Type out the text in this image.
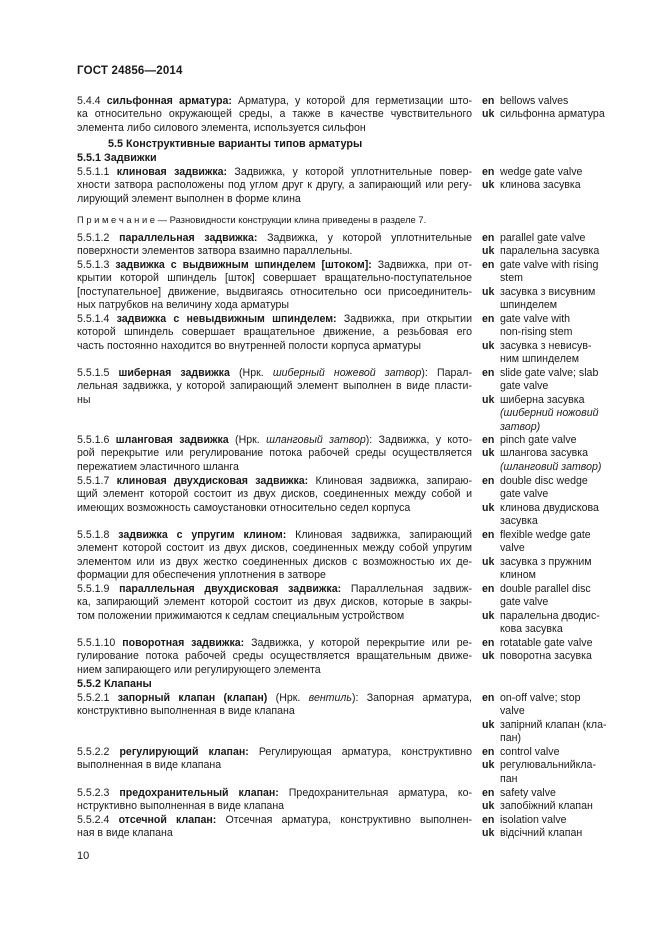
ГОСТ 24856—2014
5.5 Конструктивные варианты типов арматуры
5.5.1 Задвижки
5.5.2 Клапаны
5.4.4 сильфонная арматура: Арматура, у которой для герметизации што-
ка относительно окружающей среды, а также в качестве чувствительного
элемента либо силового элемента, используется сильфон
en bellows valves
uk сильфонна арматура
5.5.1.1 клиновая задвижка: Задвижка, у которой уплотнительные повер-
хности затвора расположены под углом друг к другу, а запирающий или регу-
лирующий элемент выполнен в форме клина
en wedge gate valve
uk клинова засувка
5.5.1.2 параллельная задвижка: Задвижка, у которой уплотнительные
поверхности элементов затвора взаимно параллельны.
en parallel gate valve
uk паралельна засувка
5.5.1.3 задвижка с выдвижным шпинделем [штоком]: Задвижка, при от-
крытии которой шпиндель [шток] совершает вращательно-поступательное
[поступательное] движение, выдвигаясь относительно оси присоединитель-
ных патрубков на величину хода арматуры
en gate valve with rising
stem
uk засувка з висувним
шпинделем
5.5.1.4 задвижка с невыдвижным шпинделем: Задвижка, при открытии
которой шпиндель совершает вращательное движение, а резьбовая его
часть постоянно находится во внутренней полости корпуса арматуры
en gate valve with
non-rising stem
uk засувка з невисув-
ним шпинделем
5.5.1.5 шиберная задвижка (Нрк. шиберный ножевой затвор): Парал-
лельная задвижка, у которой запирающий элемент выполнен в виде пласти-
ны
en slide gate valve; slab
gate valve
uk шиберна засувка
(шиберний ножовий
затвор)
5.5.1.6 шланговая задвижка (Нрк. шланговый затвор): Задвижка, у кото-
рой перекрытие или регулирование потока рабочей среды осуществляется
пережатием эластичного шланга
en pinch gate valve
uk шлангова засувка
(шланговий затвор)
5.5.1.7 клиновая двухдисковая задвижка: Клиновая задвижка, запираю-
щий элемент которой состоит из двух дисков, соединенных между собой и
имеющих возможность самоустановки относительно седел корпуса
en double disc wedge
gate valve
uk клинова двудискова
засувка
5.5.1.8 задвижка с упругим клином: Клиновая задвижка, запирающий
элемент которой состоит из двух дисков, соединенных между собой упругим
элементом или из двух жестко соединенных дисков с возможностью их де-
формации для обеспечения уплотнения в затворе
en flexible wedge gate
valve
uk засувка з пружним
клином
5.5.1.9 параллельная двухдисковая задвижка: Параллельная задвиж-
ка, запирающий элемент которой состоит из двух дисков, которые в закры-
том положении прижимаются к седлам специальным устройством
en double parallel disc
gate valve
uk паралельна дводис-
кова засувка
5.5.1.10 поворотная задвижка: Задвижка, у которой перекрытие или ре-
гулирование потока рабочей среды осуществляется вращательным движе-
нием запирающего или регулирующего элемента
en rotatable gate valve
uk поворотна засувка
5.5.2.1 запорный клапан (клапан) (Нрк. вентиль): Запорная арматура,
конструктивно выполненная в виде клапана
en on-off valve; stop
valve
uk запірний клапан (кла-
пан)
5.5.2.2 регулирующий клапан: Регулирующая арматура, конструктивно
выполненная в виде клапана
en control valve
uk регулювальнийкла-
пан
5.5.2.3 предохранительный клапан: Предохранительная арматура, ко-
нструктивно выполненная в виде клапана
en safety valve
uk запобіжний клапан
5.5.2.4 отсечной клапан: Отсечная арматура, конструктивно выполнен-
ная в виде клапана
en isolation valve
uk відсічний клапан
П р и м е ч а н и е — Разновидности конструкции клина приведены в разделе 7.
10
